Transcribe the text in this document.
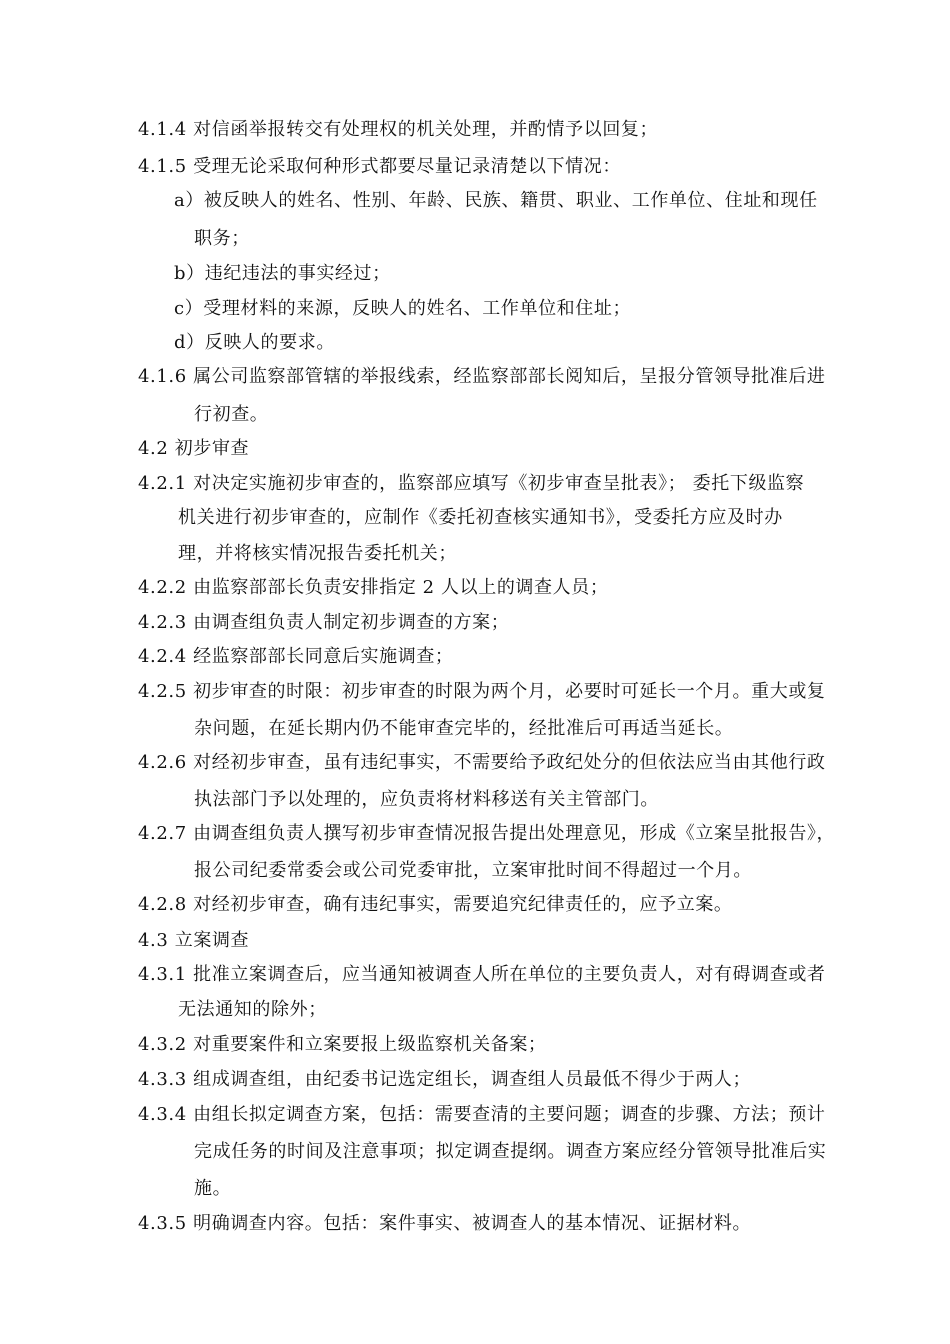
4.1.4 对信函举报转交有处理权的机关处理，并酌情予以回复；
4.1.5 受理无论采取何种形式都要尽量记录清楚以下情况：
a）被反映人的姓名、性别、年龄、民族、籍贯、职业、工作单位、住址和现任
职务；
b）违纪违法的事实经过；
c）受理材料的来源，反映人的姓名、工作单位和住址；
d）反映人的要求。
4.1.6 属公司监察部管辖的举报线索，经监察部部长阅知后，呈报分管领导批准后进
行初查。
4.2 初步审查
4.2.1 对决定实施初步审查的，监察部应填写《初步审查呈批表》； 委托下级监察
机关进行初步审查的，应制作《委托初查核实通知书》，受委托方应及时办
理，并将核实情况报告委托机关；
4.2.2 由监察部部长负责安排指定 2 人以上的调查人员；
4.2.3 由调查组负责人制定初步调查的方案；
4.2.4 经监察部部长同意后实施调查；
4.2.5 初步审查的时限：初步审查的时限为两个月，必要时可延长一个月。重大或复
杂问题，在延长期内仍不能审查完毕的，经批准后可再适当延长。
4.2.6 对经初步审查，虽有违纪事实，不需要给予政纪处分的但依法应当由其他行政
执法部门予以处理的，应负责将材料移送有关主管部门。
4.2.7 由调查组负责人撰写初步审查情况报告提出处理意见，形成《立案呈批报告》，
报公司纪委常委会或公司党委审批，立案审批时间不得超过一个月。
4.2.8 对经初步审查，确有违纪事实，需要追究纪律责任的，应予立案。
4.3 立案调查
4.3.1 批准立案调查后，应当通知被调查人所在单位的主要负责人，对有碍调查或者
无法通知的除外；
4.3.2 对重要案件和立案要报上级监察机关备案；
4.3.3 组成调查组，由纪委书记选定组长，调查组人员最低不得少于两人；
4.3.4 由组长拟定调查方案，包括：需要查清的主要问题；调查的步骤、方法；预计
完成任务的时间及注意事项；拟定调查提纲。调查方案应经分管领导批准后实
施。
4.3.5 明确调查内容。包括：案件事实、被调查人的基本情况、证据材料。
